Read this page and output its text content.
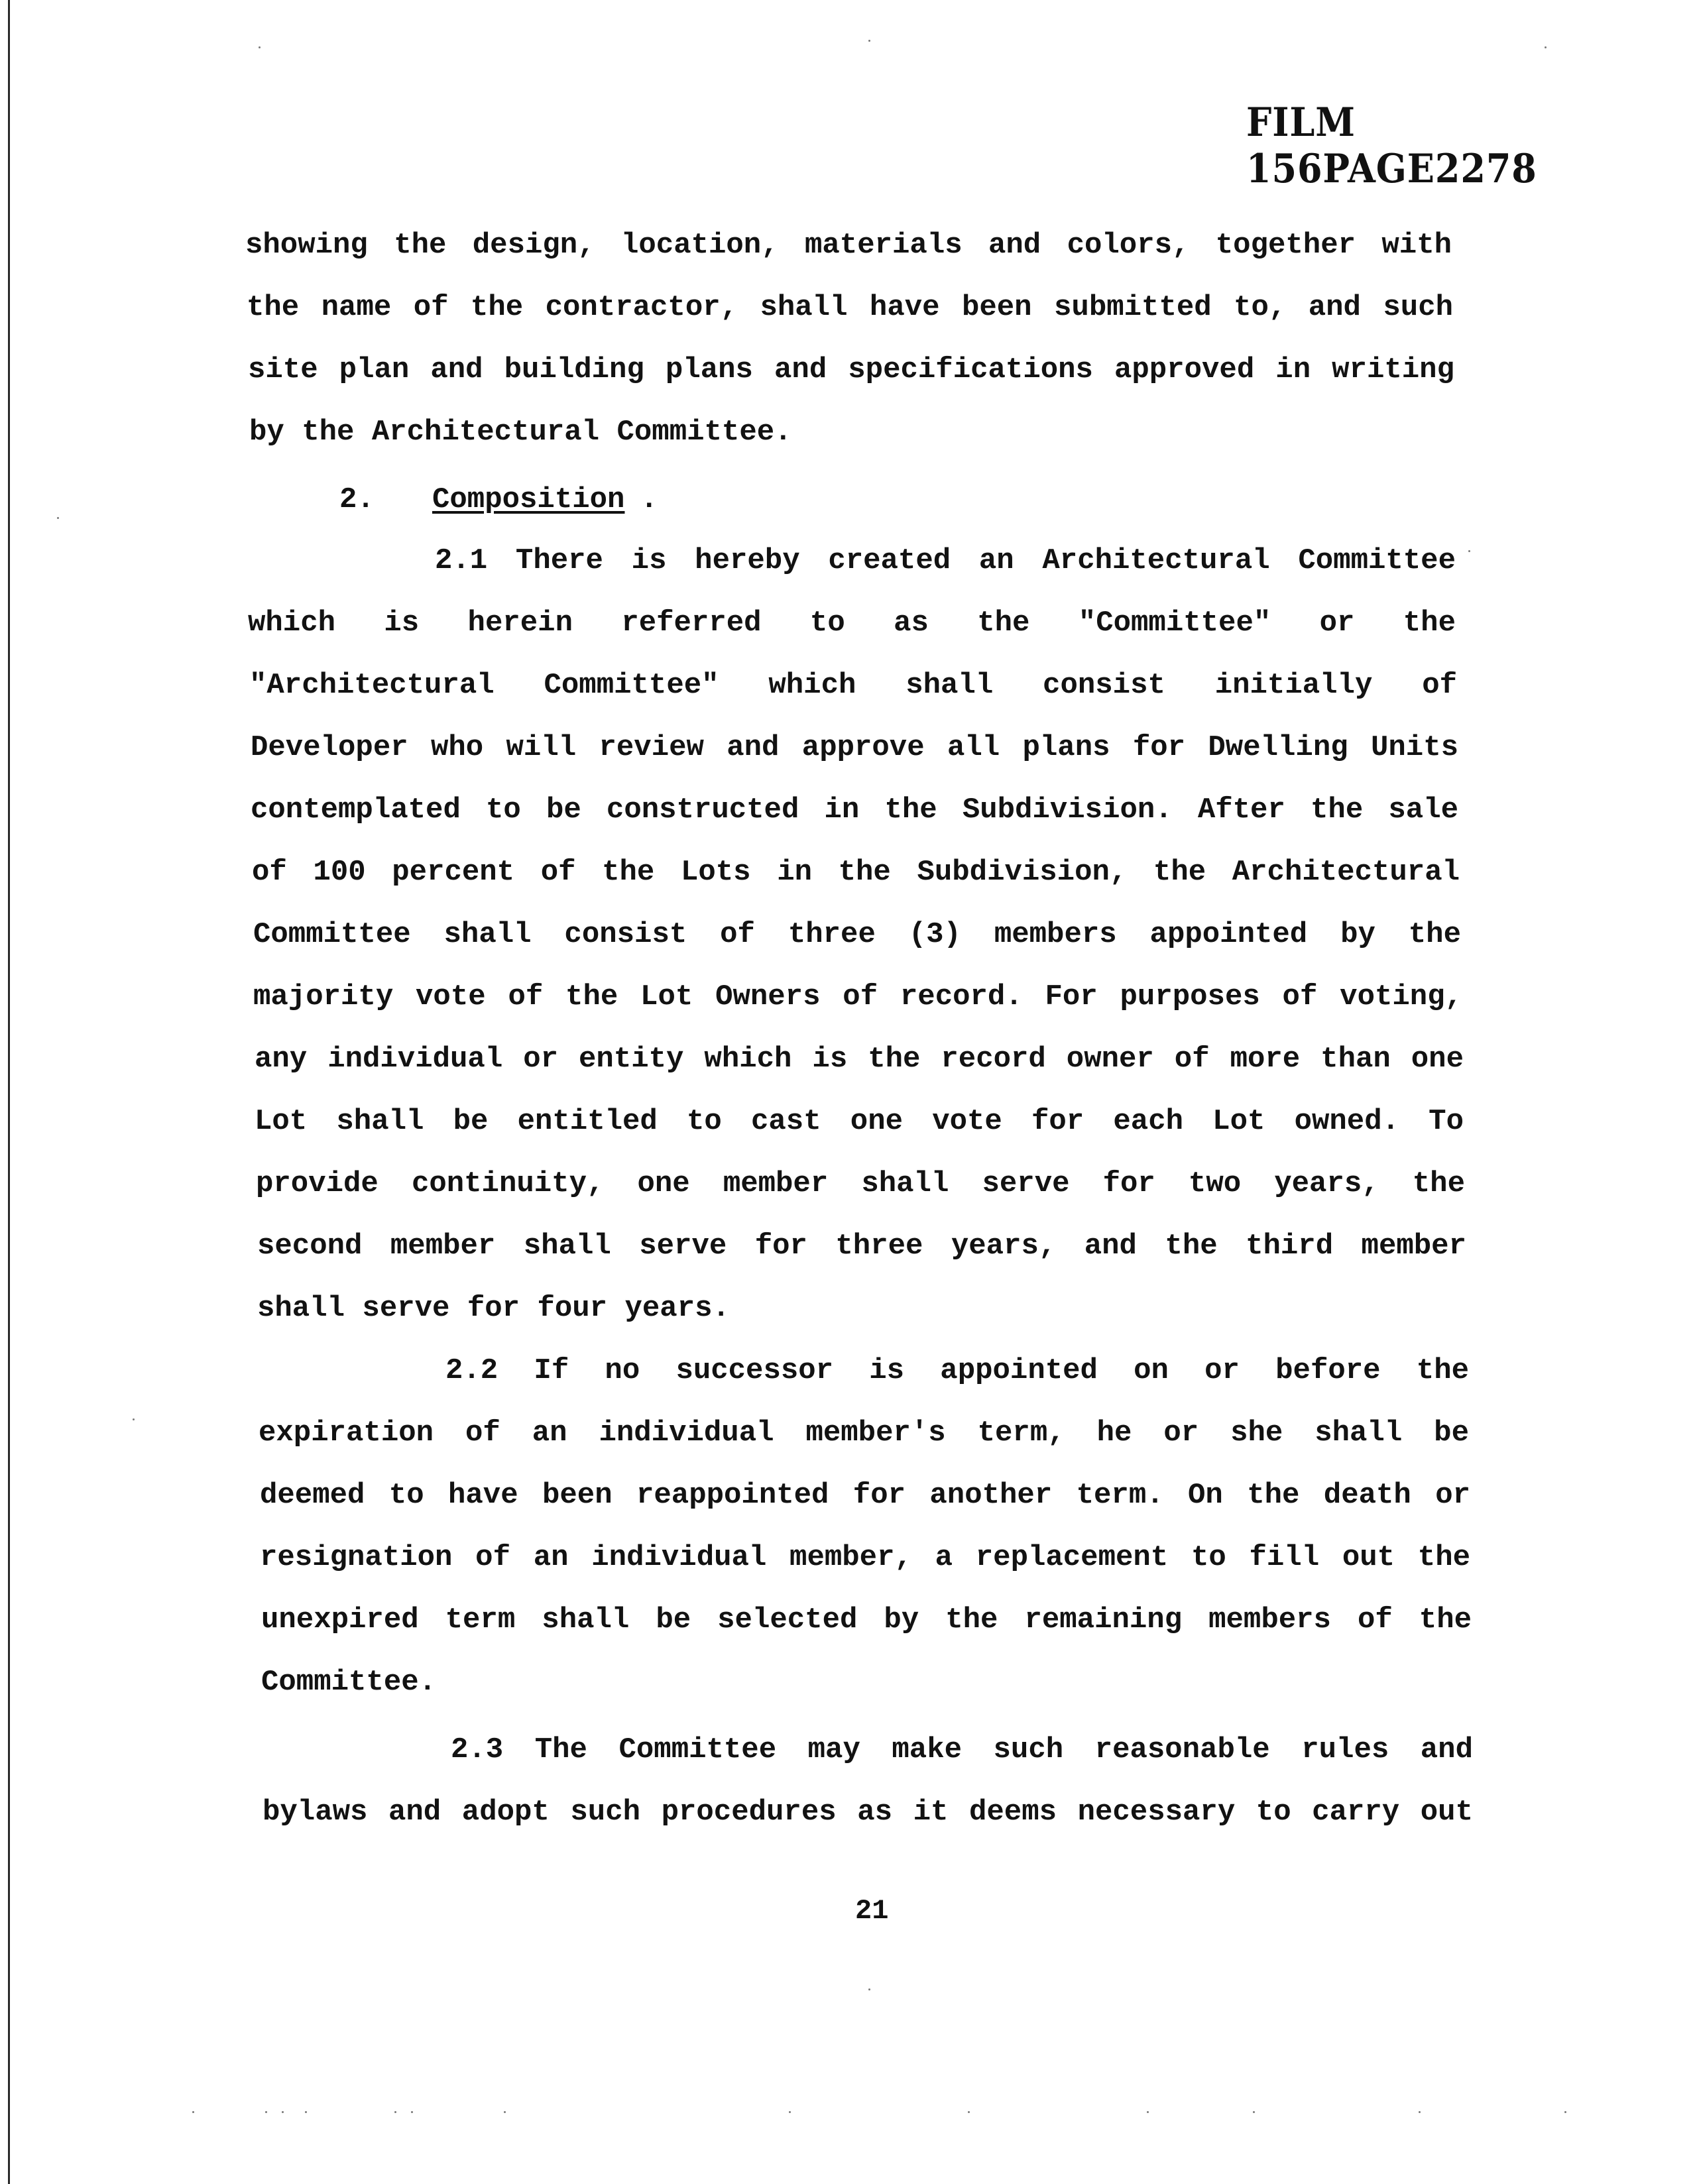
FILM 156PAGE2278
showing the design, location, materials and colors, together with
the name of the contractor, shall have been submitted to, and such
site plan and building plans and specifications approved in writing
by the Architectural Committee.
2. Composition .
2.1 There is hereby created an Architectural Committee
which is herein referred to as the "Committee" or the
"Architectural Committee" which shall consist initially of
Developer who will review and approve all plans for Dwelling Units
contemplated to be constructed in the Subdivision. After the sale
of 100 percent of the Lots in the Subdivision, the Architectural
Committee shall consist of three (3) members appointed by the
majority vote of the Lot Owners of record. For purposes of voting,
any individual or entity which is the record owner of more than one
Lot shall be entitled to cast one vote for each Lot owned. To
provide continuity, one member shall serve for two years, the
second member shall serve for three years, and the third member
shall serve for four years.
2.2 If no successor is appointed on or before the
expiration of an individual member's term, he or she shall be
deemed to have been reappointed for another term. On the death or
resignation of an individual member, a replacement to fill out the
unexpired term shall be selected by the remaining members of the
Committee.
2.3 The Committee may make such reasonable rules and
bylaws and adopt such procedures as it deems necessary to carry out
21
